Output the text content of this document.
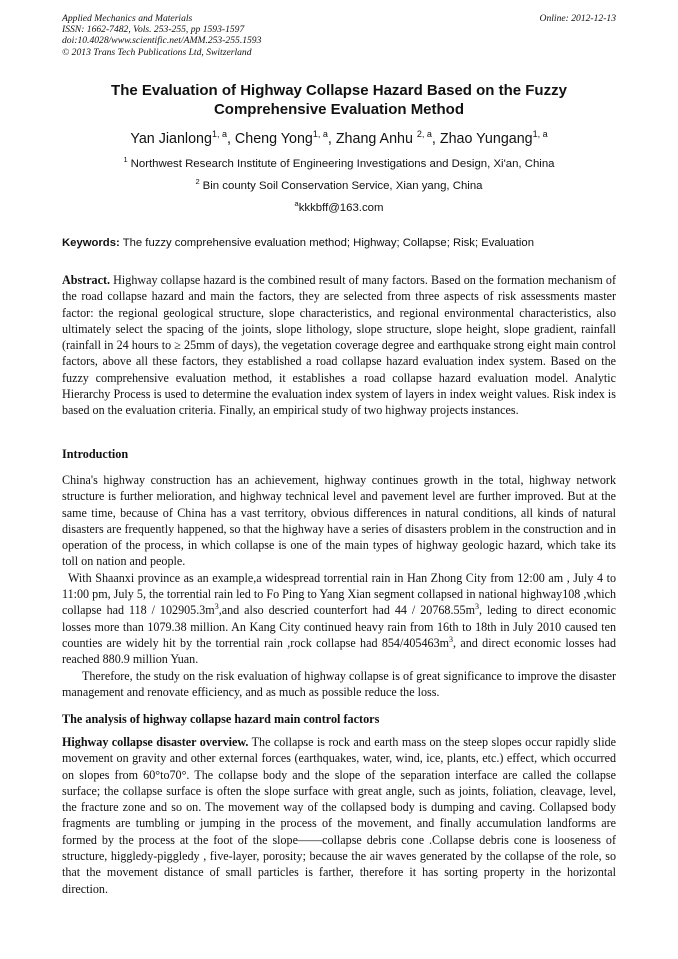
Applied Mechanics and Materials
ISSN: 1662-7482, Vols. 253-255, pp 1593-1597
doi:10.4028/www.scientific.net/AMM.253-255.1593
© 2013 Trans Tech Publications Ltd, Switzerland
Online: 2012-12-13
The Evaluation of Highway Collapse Hazard Based on the Fuzzy Comprehensive Evaluation Method
Yan Jianlong$^{1, a}$, Cheng Yong$^{1, a}$, Zhang Anhu $^{2, a}$, Zhao Yungang$^{1, a}$
$^1$ Northwest Research Institute of Engineering Investigations and Design, Xi'an, China
$^2$ Bin county Soil Conservation Service, Xian yang, China
$^a$kkkbff@163.com
Keywords: The fuzzy comprehensive evaluation method; Highway; Collapse; Risk; Evaluation

Abstract. Highway collapse hazard is the combined result of many factors. Based on the formation mechanism of the road collapse hazard and main the factors, they are selected from three aspects of risk assessments master factor: the regional geological structure, slope characteristics, and regional environmental characteristics, also ultimately select the spacing of the joints, slope lithology, slope structure, slope height, slope gradient, rainfall (rainfall in 24 hours to ≥ 25mm of days), the vegetation coverage degree and earthquake strong eight main control factors, above all these factors, they established a road collapse hazard evaluation index system. Based on the fuzzy comprehensive evaluation method, it establishes a road collapse hazard evaluation model. Analytic Hierarchy Process is used to determine the evaluation index system of layers in index weight values. Risk index is based on the evaluation criteria. Finally, an empirical study of two highway projects instances.

Introduction

China's highway construction has an achievement, highway continues growth in the total, highway network structure is further melioration, and highway technical level and pavement level are further improved. But at the same time, because of China has a vast territory, obvious differences in natural conditions, all kinds of natural disasters are frequently happened, so that the highway have a series of disasters problem in the construction and in operation of the process, in which collapse is one of the main types of highway geologic hazard, which take its toll on nation and people.

With Shaanxi province as an example,a widespread torrential rain in Han Zhong City from 12:00 am , July 4 to 11:00 pm, July 5, the torrential rain led to Fo Ping to Yang Xian segment collapsed in national highway108 ,which collapse had $118 / 102905.3m^3,and$ also descried counterfort had $44 / 20768.55m^3$, leding to direct economic losses more than 1079.38 million. An Kang City continued heavy rain from 16th to 18th in July 2010 caused ten counties are widely hit by the torrential rain ,rock collapse had $854/405463m^3$, and direct economic losses had reached 880.9 million Yuan.

Therefore, the study on the risk evaluation of highway collapse is of great significance to improve the disaster management and renovate efficiency, and as much as possible reduce the loss.

The analysis of highway collapse hazard main control factors

Highway collapse disaster overview. The collapse is rock and earth mass on the steep slopes occur rapidly slide movement on gravity and other external forces (earthquakes, water, wind, ice, plants, etc.) effect, which occurred on slopes from 60°to70°. The collapse body and the slope of the separation interface are called the collapse surface; the collapse surface is often the slope surface with great angle, such as joints, foliation, cleavage, level, the fracture zone and so on. The movement way of the collapsed body is dumping and caving. Collapsed body fragments are tumbling or jumping in the process of the movement, and finally accumulation landforms are formed by the process at the foot of the slope——collapse debris cone .Collapse debris cone is looseness of structure, higgledy-piggledy , five-layer, porosity; because the air waves generated by the collapse of the role, so that the movement distance of small particles is farther, therefore it has sorting property in the horizontal direction.
